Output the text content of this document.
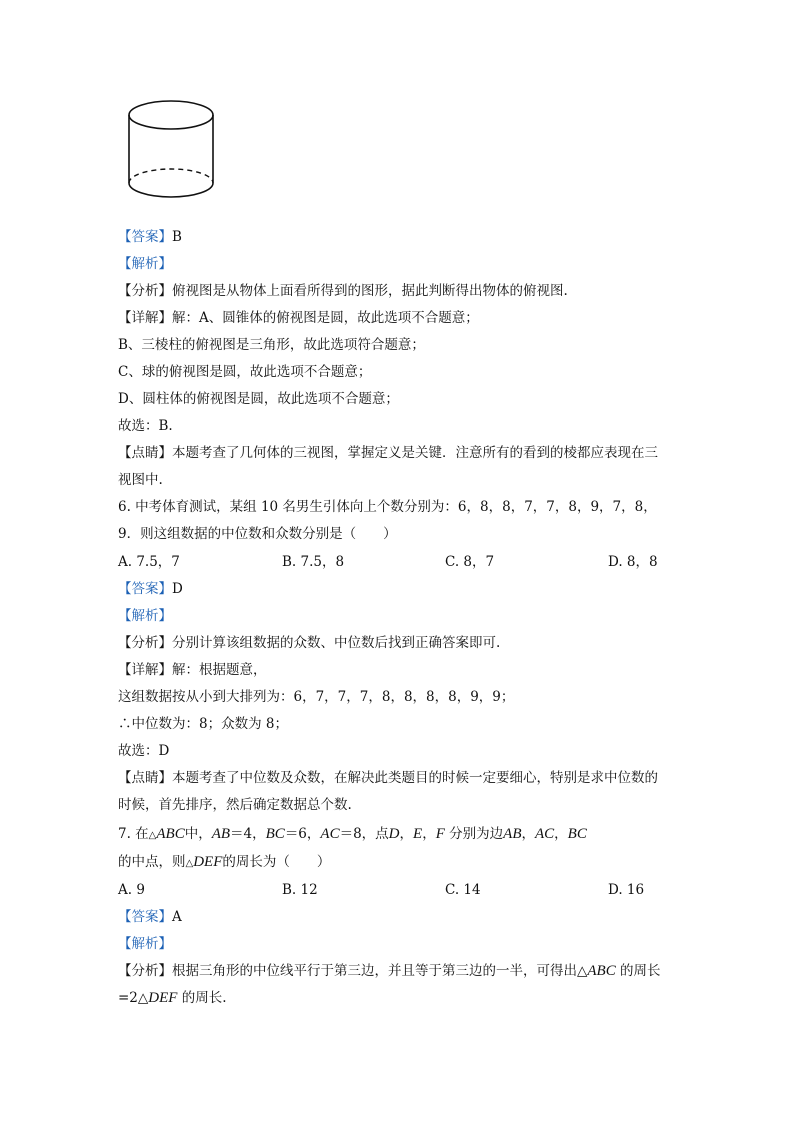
【答案】B
【解析】
【分析】俯视图是从物体上面看所得到的图形，据此判断得出物体的俯视图.
【详解】解：A、圆锥体的俯视图是圆，故此选项不合题意；
B、三棱柱的俯视图是三角形，故此选项符合题意；
C、球的俯视图是圆，故此选项不合题意；
D、圆柱体的俯视图是圆，故此选项不合题意；
故选：B.
【点睛】本题考查了几何体的三视图，掌握定义是关键．注意所有的看到的棱都应表现在三
视图中.
6. 中考体育测试，某组 10 名男生引体向上个数分别为：6，8，8，7，7，8，9，7，8，
9．则这组数据的中位数和众数分别是（　　）
A. 7.5，7	B. 7.5，8	C. 8，7	D. 8，8
【答案】D
【解析】
【分析】分别计算该组数据的众数、中位数后找到正确答案即可.
【详解】解：根据题意，
这组数据按从小到大排列为：6，7，7，7，8，8，8，8，9，9；
∴中位数为：8；众数为 8；
故选：D
【点睛】本题考查了中位数及众数，在解决此类题目的时候一定要细心，特别是求中位数的
时候，首先排序，然后确定数据总个数.
7. 在△ABC中，AB＝4，BC＝6，AC＝8，点D，E，F 分别为边AB，AC，BC
的中点，则△DEF的周长为（　　）
A. 9	B. 12	C. 14	D. 16
【答案】A
【解析】
【分析】根据三角形的中位线平行于第三边，并且等于第三边的一半，可得出△ABC 的周长
=2△DEF 的周长.
